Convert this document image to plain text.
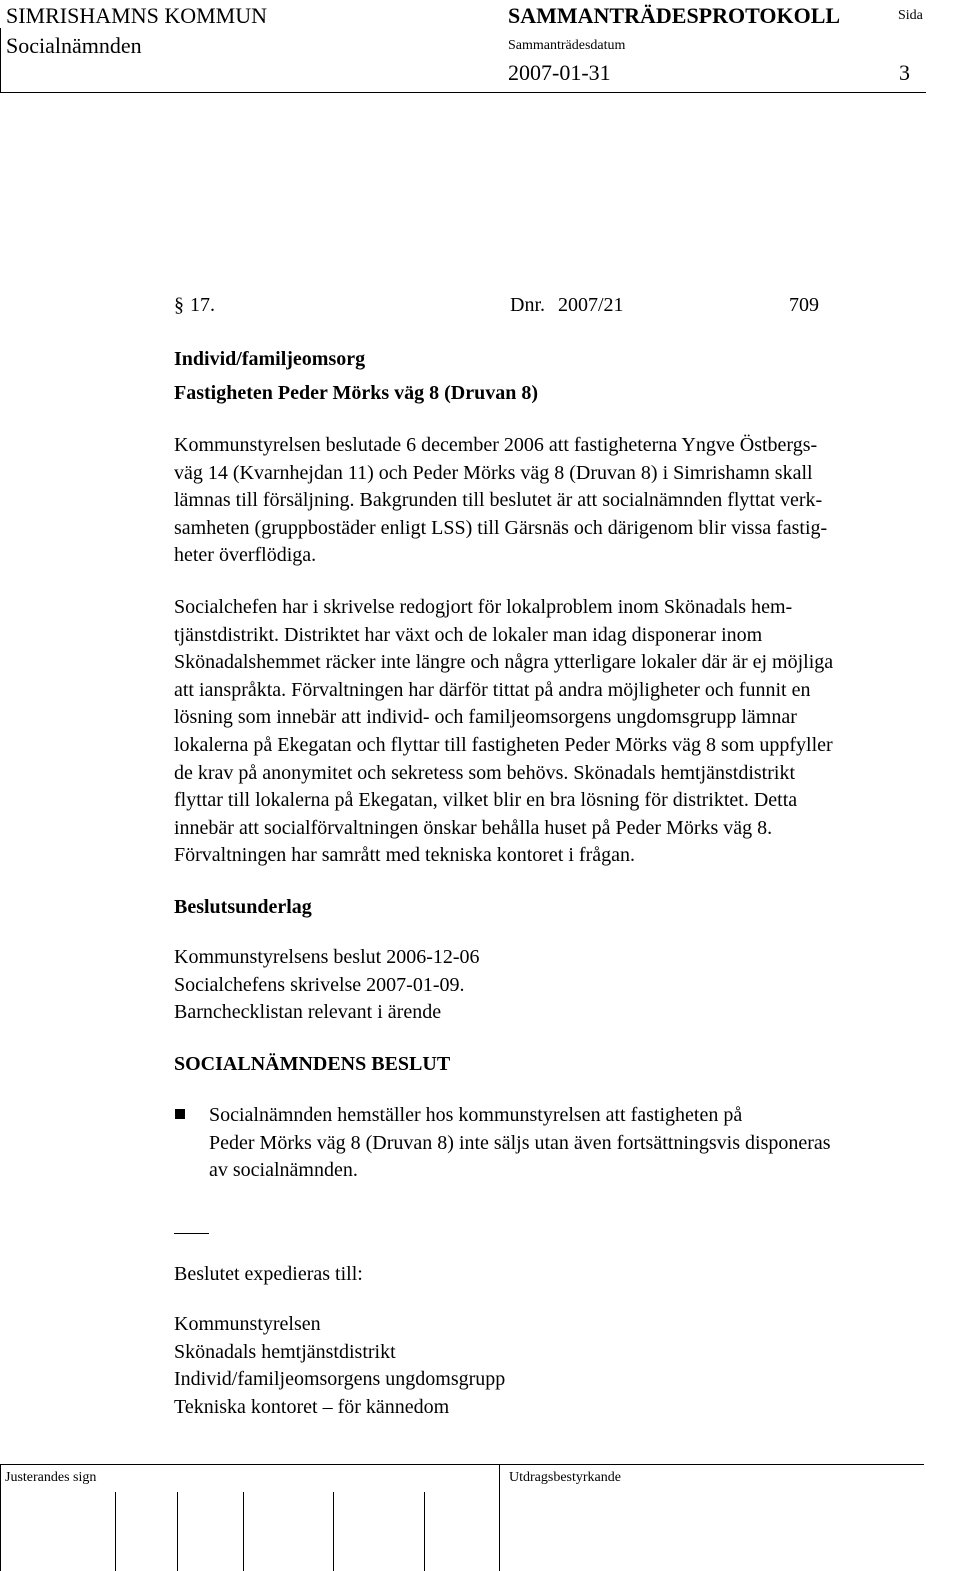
SIMRISHAMNS KOMMUN	SAMMANTRÄDESPROTOKOLL	Sida
Socialnämnden	Sammanträdesdatum
2007-01-31	3
§ 17.	Dnr. 2007/21	709
Individ/familjeomsorg
Fastigheten Peder Mörks väg 8 (Druvan 8)
Kommunstyrelsen beslutade 6 december 2006 att fastigheterna Yngve Östbergs-
väg 14 (Kvarnhejdan 11) och Peder Mörks väg 8 (Druvan 8) i Simrishamn skall
lämnas till försäljning. Bakgrunden till beslutet är att socialnämnden flyttat verk-
samheten (gruppbostäder enligt LSS) till Gärsnäs och därigenom blir vissa fastig-
heter överflödiga.
Socialchefen har i skrivelse redogjort för lokalproblem inom Skönadals hem-
tjänstdistrikt. Distriktet har växt och de lokaler man idag disponerar inom
Skönadalshemmet räcker inte längre och några ytterligare lokaler där är ej möjliga
att ianspråkta. Förvaltningen har därför tittat på andra möjligheter och funnit en
lösning som innebär att individ- och familjeomsorgens ungdomsgrupp lämnar
lokalerna på Ekegatan och flyttar till fastigheten Peder Mörks väg 8 som uppfyller
de krav på anonymitet och sekretess som behövs. Skönadals hemtjänstdistrikt
flyttar till lokalerna på Ekegatan, vilket blir en bra lösning för distriktet. Detta
innebär att socialförvaltningen önskar behålla huset på Peder Mörks väg 8.
Förvaltningen har samrått med tekniska kontoret i frågan.
Beslutsunderlag
Kommunstyrelsens beslut 2006-12-06
Socialchefens skrivelse 2007-01-09.
Barnchecklistan relevant i ärende
SOCIALNÄMNDENS BESLUT
Socialnämnden hemställer hos kommunstyrelsen att fastigheten på
Peder Mörks väg 8 (Druvan 8) inte säljs utan även fortsättningsvis disponeras
av socialnämnden.
Beslutet expedieras till:
Kommunstyrelsen
Skönadals hemtjänstdistrikt
Individ/familjeomsorgens ungdomsgrupp
Tekniska kontoret – för kännedom
Justerandes sign	Utdragsbestyrkande
